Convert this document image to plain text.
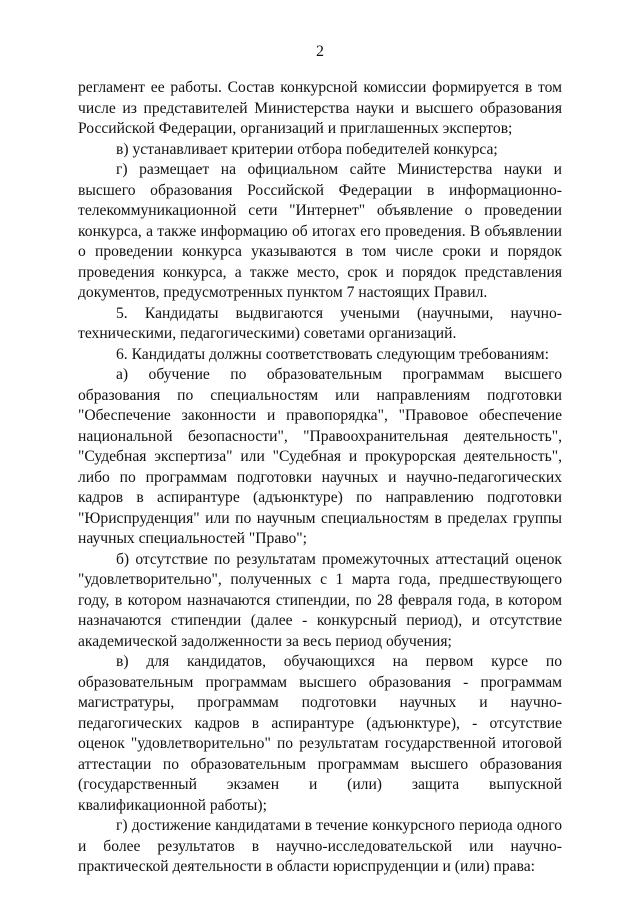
2

регламент ее работы. Состав конкурсной комиссии формируется в том числе из представителей Министерства науки и высшего образования Российской Федерации, организаций и приглашенных экспертов;

в) устанавливает критерии отбора победителей конкурса;

г) размещает на официальном сайте Министерства науки и высшего образования Российской Федерации в информационно-телекоммуникационной сети "Интернет" объявление о проведении конкурса, а также информацию об итогах его проведения. В объявлении о проведении конкурса указываются в том числе сроки и порядок проведения конкурса, а также место, срок и порядок представления документов, предусмотренных пунктом 7 настоящих Правил.

5. Кандидаты выдвигаются учеными (научными, научно-техническими, педагогическими) советами организаций.

6. Кандидаты должны соответствовать следующим требованиям:

а) обучение по образовательным программам высшего образования по специальностям или направлениям подготовки "Обеспечение законности и правопорядка", "Правовое обеспечение национальной безопасности", "Правоохранительная деятельность", "Судебная экспертиза" или "Судебная и прокурорская деятельность", либо по программам подготовки научных и научно-педагогических кадров в аспирантуре (адъюнктуре) по направлению подготовки "Юриспруденция" или по научным специальностям в пределах группы научных специальностей "Право";

б) отсутствие по результатам промежуточных аттестаций оценок "удовлетворительно", полученных с 1 марта года, предшествующего году, в котором назначаются стипендии, по 28 февраля года, в котором назначаются стипендии (далее - конкурсный период), и отсутствие академической задолженности за весь период обучения;

в) для кандидатов, обучающихся на первом курсе по образовательным программам высшего образования - программам магистратуры, программам подготовки научных и научно-педагогических кадров в аспирантуре (адъюнктуре), - отсутствие оценок "удовлетворительно" по результатам государственной итоговой аттестации по образовательным программам высшего образования (государственный экзамен и (или) защита выпускной квалификационной работы);

г) достижение кандидатами в течение конкурсного периода одного и более результатов в научно-исследовательской или научно-практической деятельности в области юриспруденции и (или) права:
